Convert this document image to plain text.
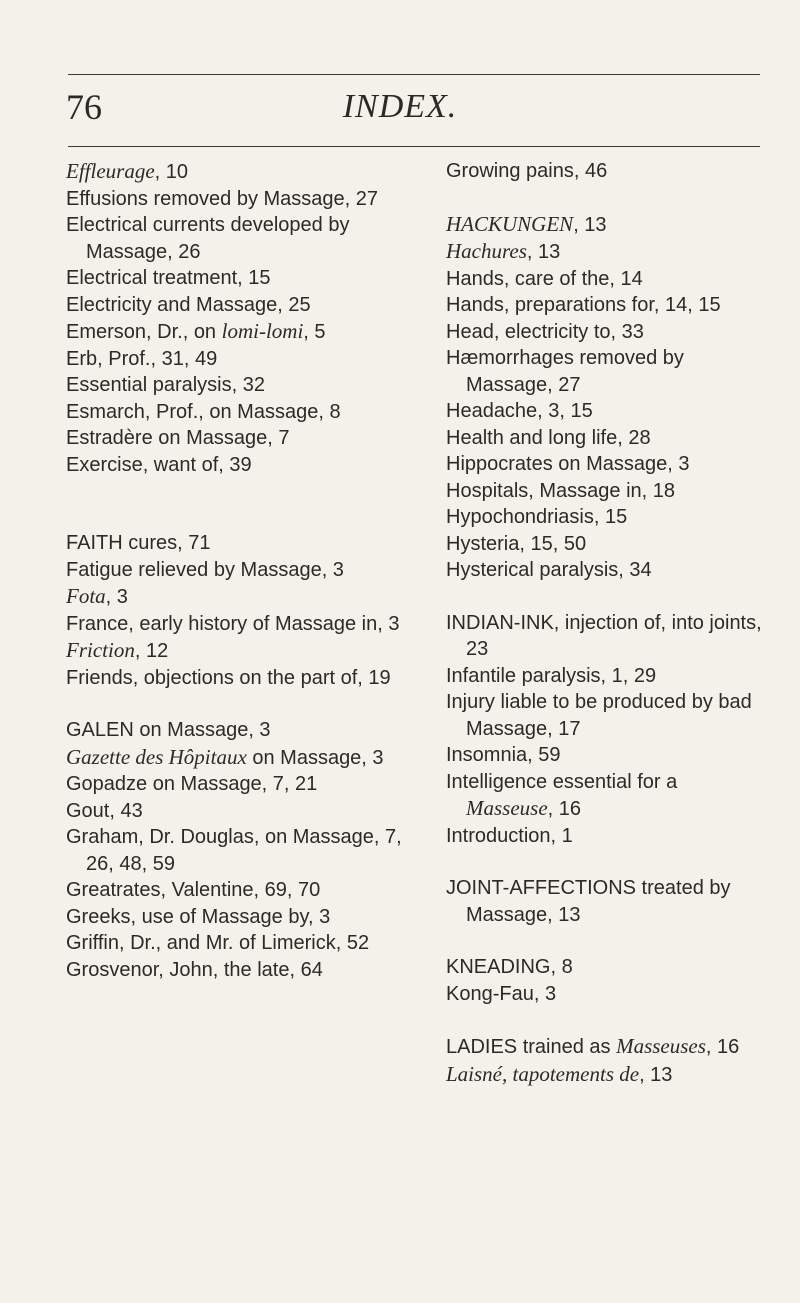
76	INDEX.

Effleurage, 10

Effusions removed by Massage, 27

Electrical currents developed by Massage, 26

Electrical treatment, 15

Electricity and Massage, 25

Emerson, Dr., on lomi-lomi, 5

Erb, Prof., 31, 49

Essential paralysis, 32

Esmarch, Prof., on Massage, 8

Estradère on Massage, 7

Exercise, want of, 39

FAITH cures, 71

Fatigue relieved by Massage, 3

Fota, 3

France, early history of Massage in, 3

Friction, 12

Friends, objections on the part of, 19

GALEN on Massage, 3

Gazette des Hôpitaux on Massage, 3

Gopadze on Massage, 7, 21

Gout, 43

Graham, Dr. Douglas, on Massage, 7, 26, 48, 59

Greatrates, Valentine, 69, 70

Greeks, use of Massage by, 3

Griffin, Dr., and Mr. of Limerick, 52

Grosvenor, John, the late, 64

Growing pains, 46

HACKUNGEN, 13

Hachures, 13

Hands, care of the, 14

Hands, preparations for, 14, 15

Head, electricity to, 33

Hæmorrhages removed by Massage, 27

Headache, 3, 15

Health and long life, 28

Hippocrates on Massage, 3

Hospitals, Massage in, 18

Hypochondriasis, 15

Hysteria, 15, 50

Hysterical paralysis, 34

INDIAN-INK, injection of, into joints, 23

Infantile paralysis, 1, 29

Injury liable to be produced by bad Massage, 17

Insomnia, 59

Intelligence essential for a Masseuse, 16

Introduction, 1

JOINT-AFFECTIONS treated by Massage, 13

KNEADING, 8

Kong-Fau, 3

LADIES trained as Masseuses, 16

Laisné, tapotements de, 13
